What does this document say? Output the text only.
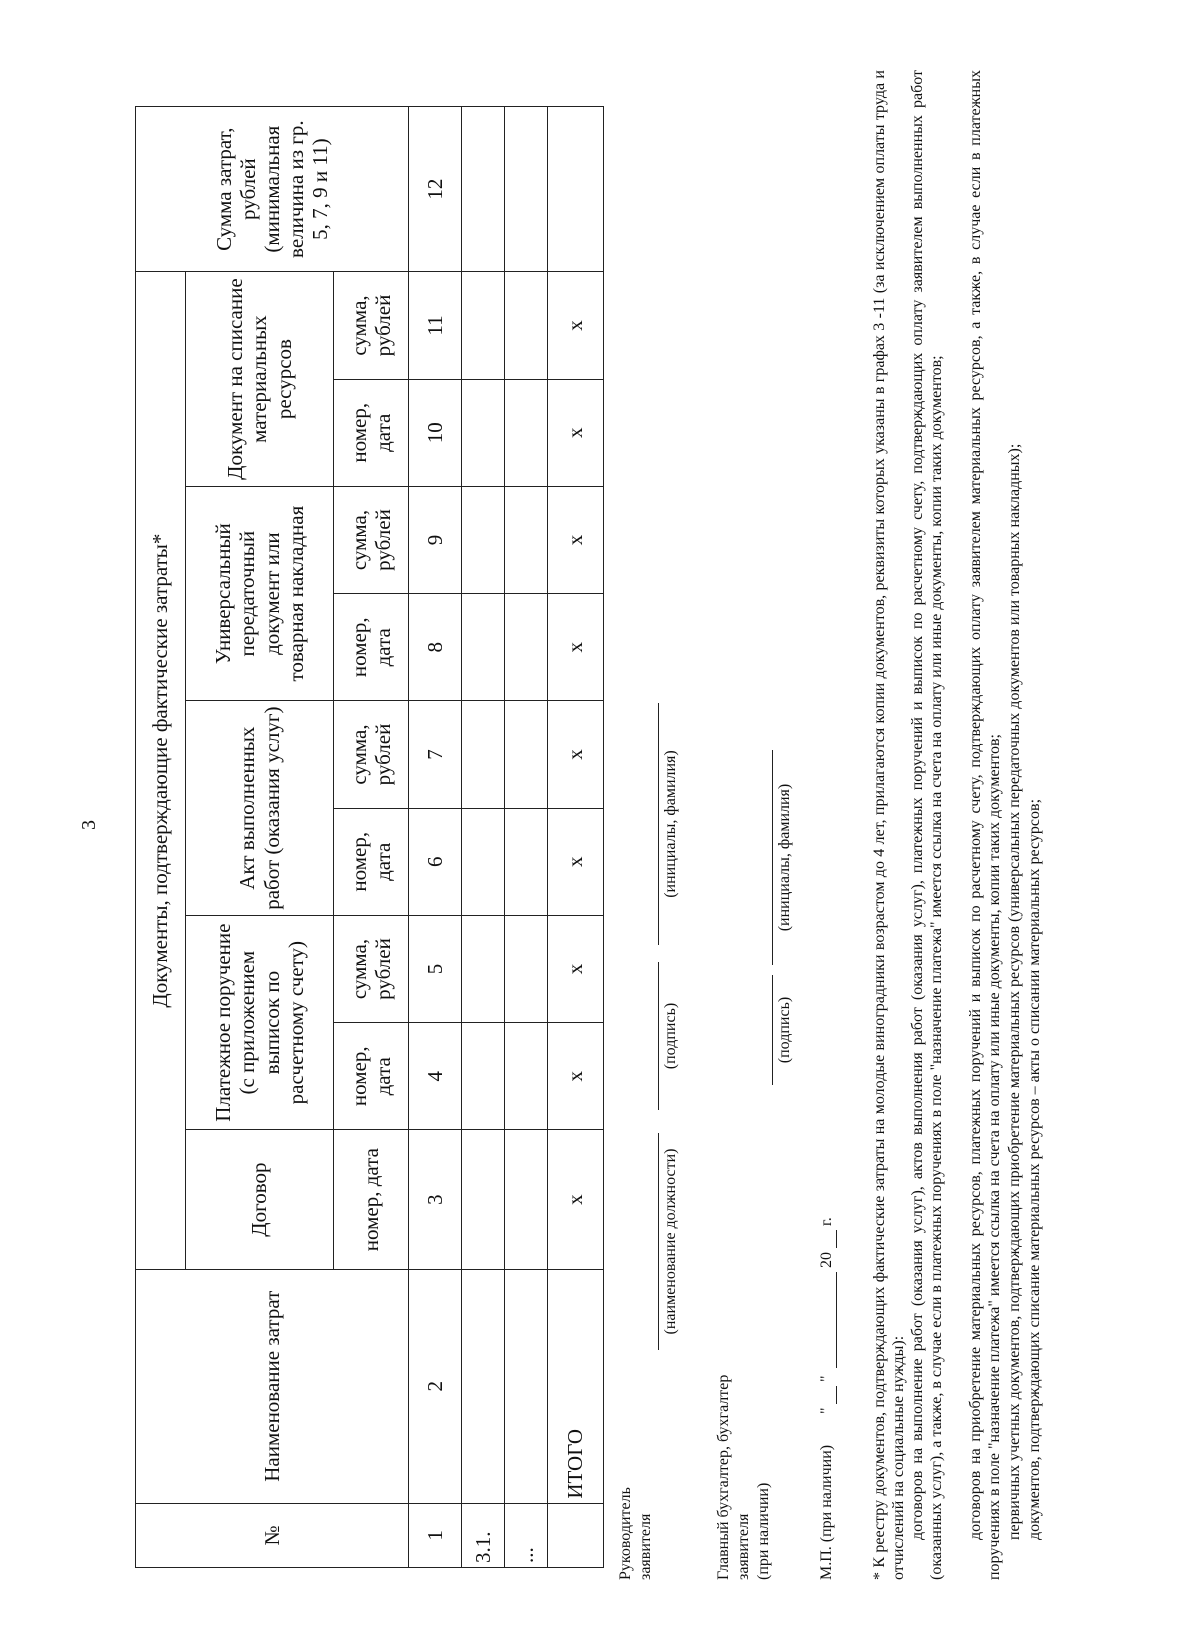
3
№	Наименование затрат	Документы, подтверждающие фактические затраты*									Сумма затрат, рублей (минимальная величина из гр. 5, 7, 9 и 11)
		Договор	Платежное поручение (с приложением выписок по расчетному счету)		Акт выполненных работ (оказания услуг)		Универсальный передаточный документ или товарная накладная		Документ на списание материальных ресурсов		
		номер, дата	номер, дата	сумма, рублей	номер, дата	сумма, рублей	номер, дата	сумма, рублей	номер, дата	сумма, рублей	
1	2	3	4	5	6	7	8	9	10	11	12
3.1.											
...											
	ИТОГО	x	x	x	x	x	x	x	x	x	
Руководитель заявителя
(наименование должности)
(подпись)
(инициалы, фамилия)
Главный бухгалтер, бухгалтер заявителя (при наличии)
(подпись)
(инициалы, фамилия)
М.П. (при наличии)
"
"
20
г. * К реестру документов, подтверждающих фактические затраты на молодые виноградники возрастом до 4 лет, прилагаются копии документов, реквизиты которых указаны в графах 3 -11 (за исключением оплаты труда и отчислений на социальные нужды): договоров на выполнение работ (оказания услуг), актов выполнения работ (оказания услуг), платежных поручений и выписок по расчетному счету, подтверждающих оплату заявителем выполненных работ (оказанных услуг), а также, в случае если в платежных поручениях в поле "назначение платежа" имеется ссылка на счета на оплату или иные документы, копии таких документов; договоров на приобретение материальных ресурсов, платежных поручений и выписок по расчетному счету, подтверждающих оплату заявителем материальных ресурсов, а также, в случае если в платежных поручениях в поле "назначение платежа" имеется ссылка на счета на оплату или иные документы, копии таких документов; первичных учетных документов, подтверждающих приобретение материальных ресурсов (универсальных передаточных документов или товарных накладных); документов, подтверждающих списание материальных ресурсов – акты о списании материальных ресурсов;
